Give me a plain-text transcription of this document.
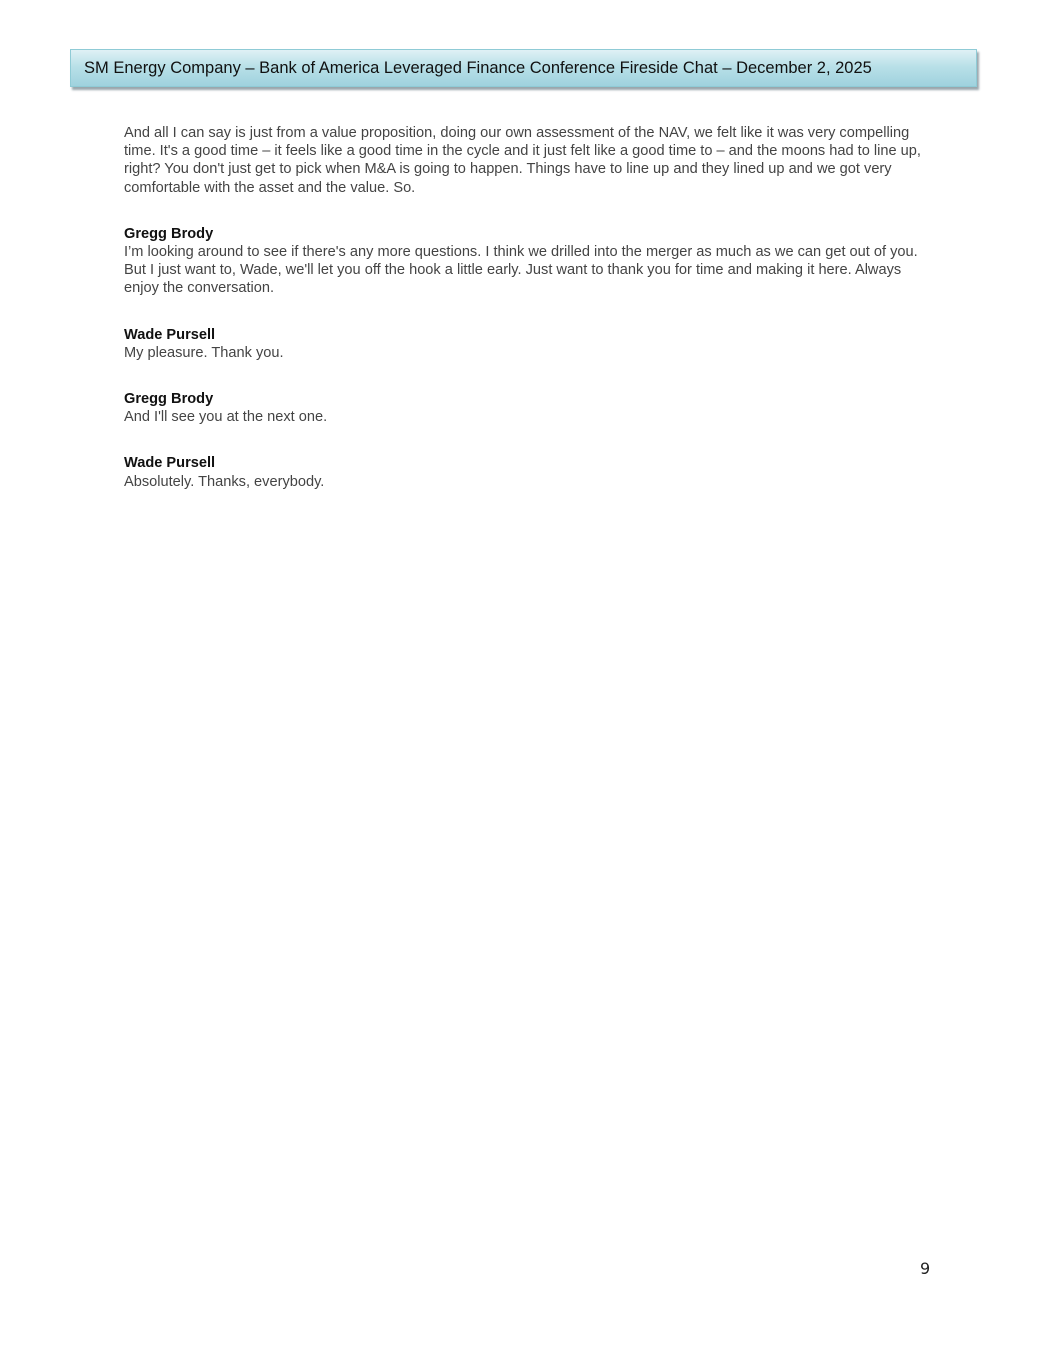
SM Energy Company – Bank of America Leveraged Finance Conference Fireside Chat – December 2, 2025

And all I can say is just from a value proposition, doing our own assessment of the NAV, we felt like it was very compelling time. It's a good time – it feels like a good time in the cycle and it just felt like a good time to – and the moons had to line up, right? You don't just get to pick when M&A is going to happen. Things have to line up and they lined up and we got very comfortable with the asset and the value. So.

Gregg Brody

I’m looking around to see if there's any more questions. I think we drilled into the merger as much as we can get out of you. But I just want to, Wade, we'll let you off the hook a little early. Just want to thank you for time and making it here. Always enjoy the conversation.

Wade Pursell

My pleasure. Thank you.

Gregg Brody

And I'll see you at the next one.

Wade Pursell

Absolutely. Thanks, everybody.

9
